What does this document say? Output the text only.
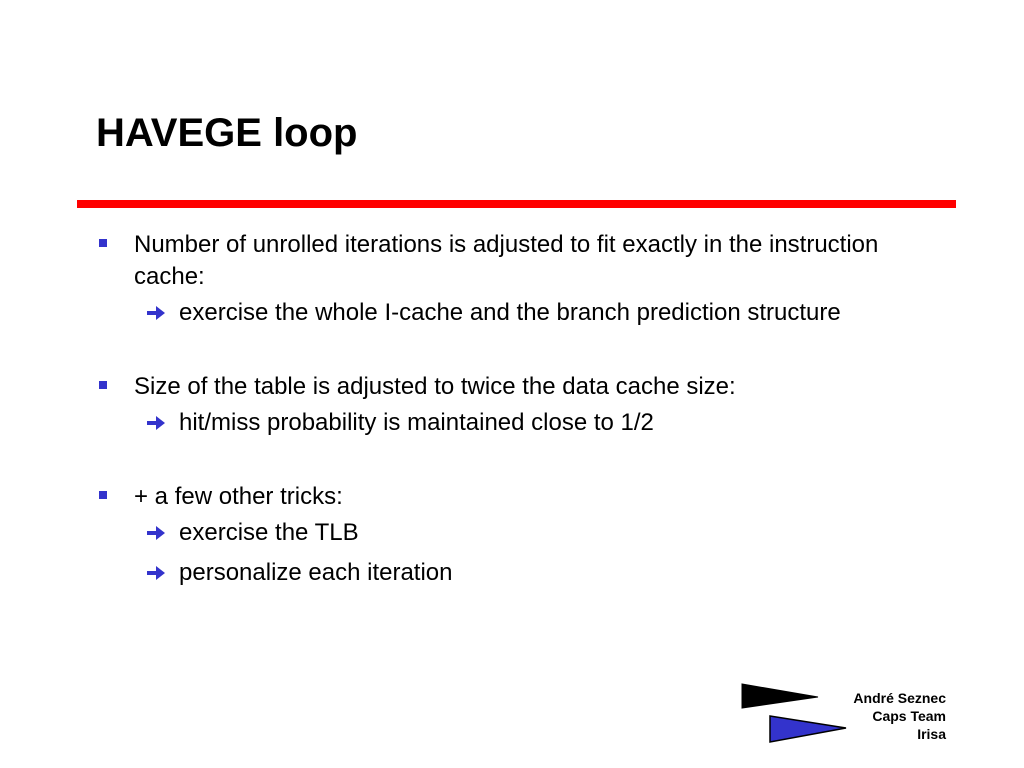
HAVEGE loop
Number of unrolled iterations is adjusted to fit exactly in the instruction cache:
exercise the whole I-cache and the branch prediction structure
Size of the table is adjusted to twice the data cache size:
hit/miss probability is maintained close to 1/2
+ a few other tricks:
exercise the TLB
personalize each iteration
André Seznec
Caps Team
Irisa
